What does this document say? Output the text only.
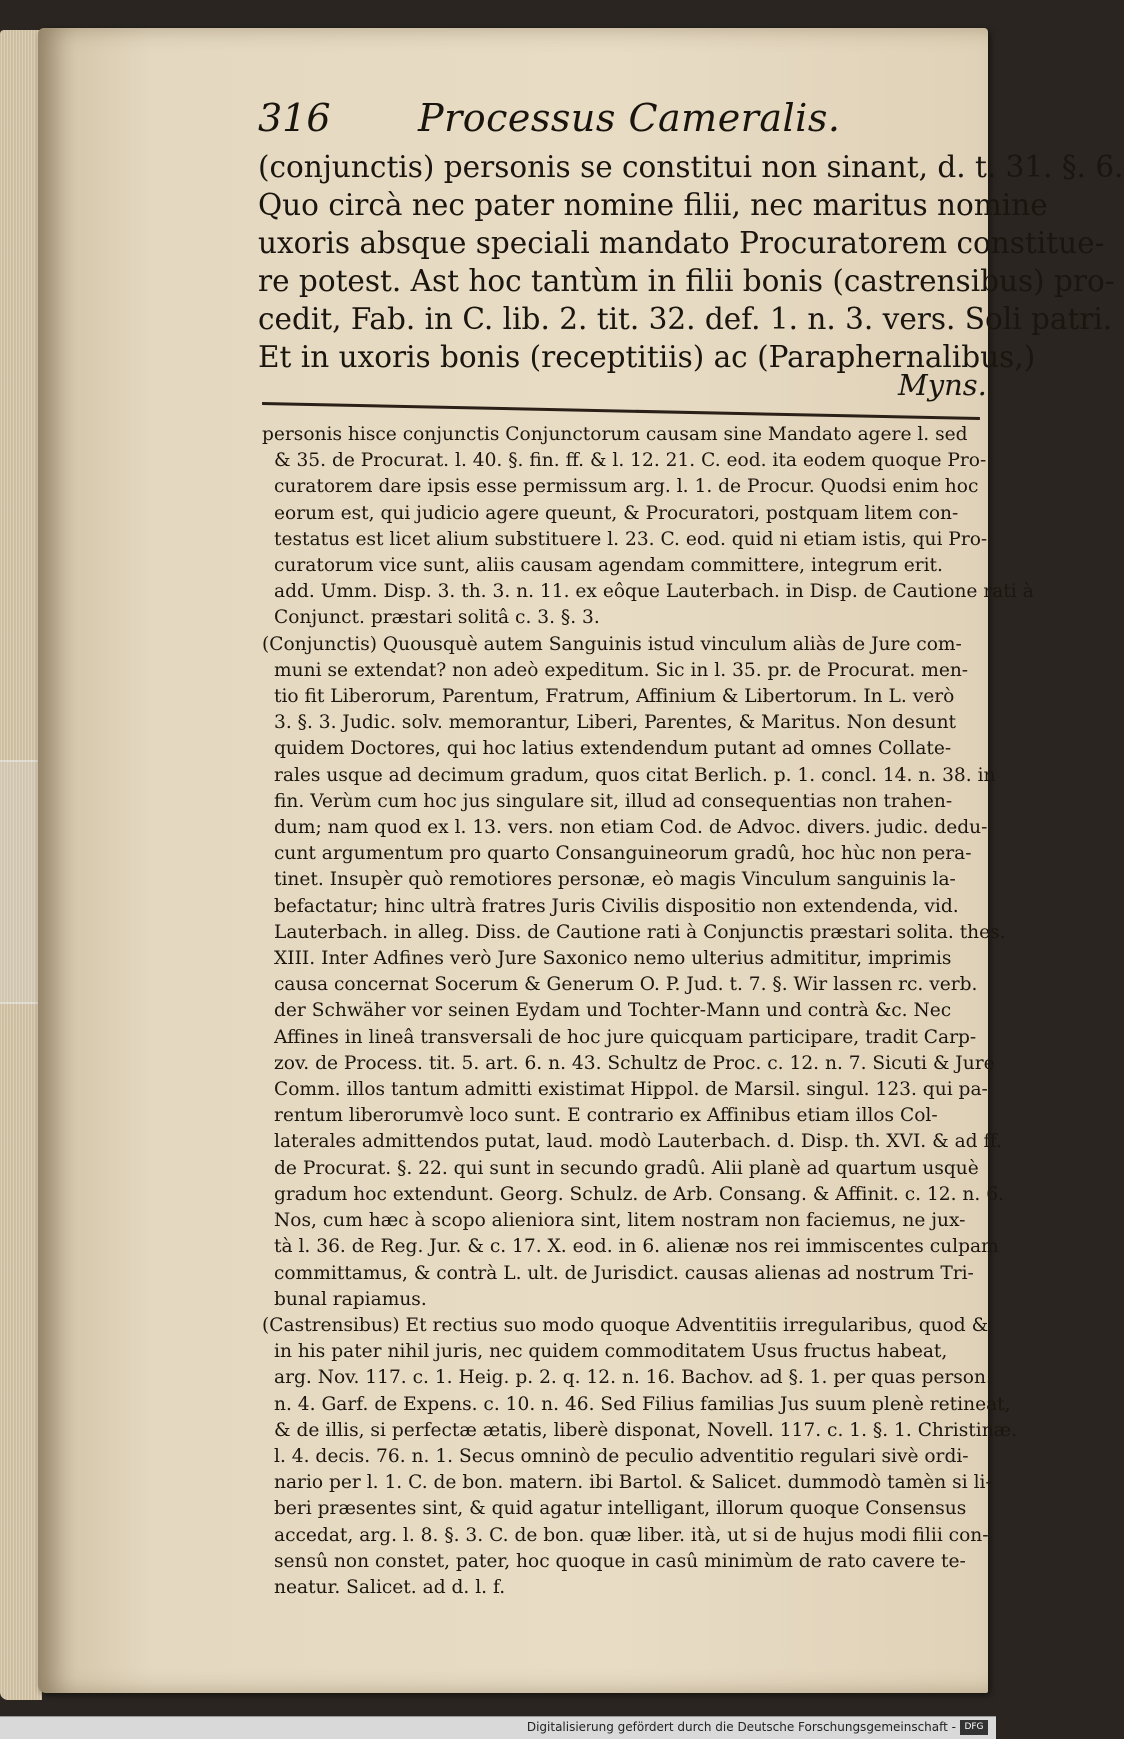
316 Processus Cameralis.
(conjunctis) personis se constitui non sinant, d. t. 31. §. 6.
Quo circà nec pater nomine filii, nec maritus nomine
uxoris absque speciali mandato Procuratorem constitue-
re potest. Ast hoc tantùm in filii bonis (castrensibus) pro-
cedit, Fab. in C. lib. 2. tit. 32. def. 1. n. 3. vers. Soli patri.
Et in uxoris bonis (receptitiis) ac (Paraphernalibus,)
Myns.
personis hisce conjunctis Conjunctorum causam sine Mandato agere l. sed
& 35. de Procurat. l. 40. §. fin. ff. & l. 12. 21. C. eod. ita eodem quoque Pro-
curatorem dare ipsis esse permissum arg. l. 1. de Procur. Quodsi enim hoc
eorum est, qui judicio agere queunt, & Procuratori, postquam litem con-
testatus est licet alium substituere l. 23. C. eod. quid ni etiam istis, qui Pro-
curatorum vice sunt, aliis causam agendam committere, integrum erit.
add. Umm. Disp. 3. th. 3. n. 11. ex eôque Lauterbach. in Disp. de Cautione rati à
Conjunct. præstari solitâ c. 3. §. 3.
(Conjunctis) Quousquè autem Sanguinis istud vinculum aliàs de Jure com-
muni se extendat? non adeò expeditum. Sic in l. 35. pr. de Procurat. men-
tio fit Liberorum, Parentum, Fratrum, Affinium & Libertorum. In L. verò
3. §. 3. Judic. solv. memorantur, Liberi, Parentes, & Maritus. Non desunt
quidem Doctores, qui hoc latius extendendum putant ad omnes Collate-
rales usque ad decimum gradum, quos citat Berlich. p. 1. concl. 14. n. 38. in
fin. Verùm cum hoc jus singulare sit, illud ad consequentias non trahen-
dum; nam quod ex l. 13. vers. non etiam Cod. de Advoc. divers. judic. dedu-
cunt argumentum pro quarto Consanguineorum gradû, hoc hùc non pera-
tinet. Insupèr quò remotiores personæ, eò magis Vinculum sanguinis la-
befactatur; hinc ultrà fratres Juris Civilis dispositio non extendenda, vid.
Lauterbach. in alleg. Diss. de Cautione rati à Conjunctis præstari solita. thes.
XIII. Inter Adfines verò Jure Saxonico nemo ulterius admititur, imprimis
causa concernat Socerum & Generum O. P. Jud. t. 7. §. Wir lassen rc. verb.
der Schwäher vor seinen Eydam und Tochter-Mann und contrà &c. Nec
Affines in lineâ transversali de hoc jure quicquam participare, tradit Carp-
zov. de Process. tit. 5. art. 6. n. 43. Schultz de Proc. c. 12. n. 7. Sicuti & Jure
Comm. illos tantum admitti existimat Hippol. de Marsil. singul. 123. qui pa-
rentum liberorumvè loco sunt. E contrario ex Affinibus etiam illos Col-
laterales admittendos putat, laud. modò Lauterbach. d. Disp. th. XVI. & ad ff.
de Procurat. §. 22. qui sunt in secundo gradû. Alii planè ad quartum usquè
gradum hoc extendunt. Georg. Schulz. de Arb. Consang. & Affinit. c. 12. n. 6.
Nos, cum hæc à scopo alieniora sint, litem nostram non faciemus, ne jux-
tà l. 36. de Reg. Jur. & c. 17. X. eod. in 6. alienæ nos rei immiscentes culpam
committamus, & contrà L. ult. de Jurisdict. causas alienas ad nostrum Tri-
bunal rapiamus.
(Castrensibus) Et rectius suo modo quoque Adventitiis irregularibus, quod &
in his pater nihil juris, nec quidem commoditatem Usus fructus habeat,
arg. Nov. 117. c. 1. Heig. p. 2. q. 12. n. 16. Bachov. ad §. 1. per quas person.
n. 4. Garf. de Expens. c. 10. n. 46. Sed Filius familias Jus suum plenè retineat,
& de illis, si perfectæ ætatis, liberè disponat, Novell. 117. c. 1. §. 1. Christinæ.
l. 4. decis. 76. n. 1. Secus omninò de peculio adventitio regulari sivè ordi-
nario per l. 1. C. de bon. matern. ibi Bartol. & Salicet. dummodò tamèn si li-
beri præsentes sint, & quid agatur intelligant, illorum quoque Consensus
accedat, arg. l. 8. §. 3. C. de bon. quæ liber. ità, ut si de hujus modi filii con-
sensû non constet, pater, hoc quoque in casû minimùm de rato cavere te-
neatur. Salicet. ad d. l. f.
Digitalisierung gefördert durch die Deutsche Forschungsgemeinschaft - DFG
